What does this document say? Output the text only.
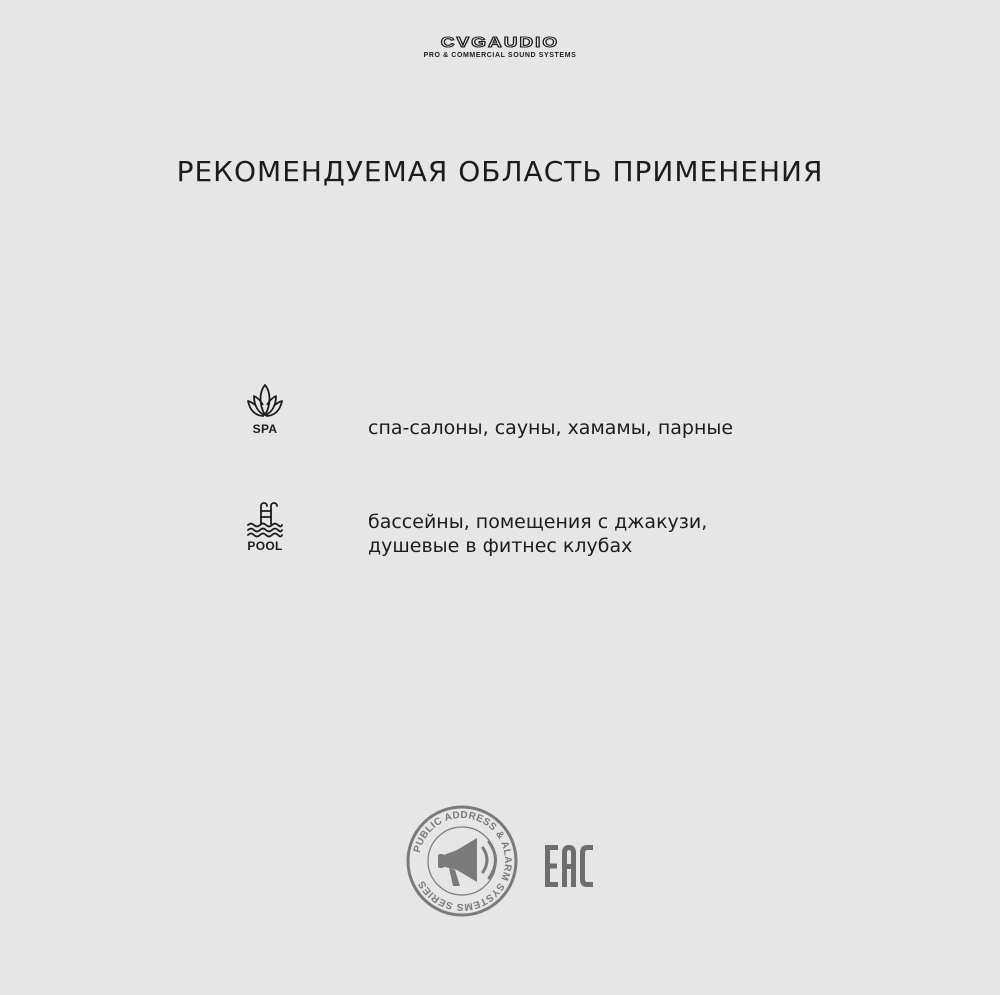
CVGAUDIO
PRO & COMMERCIAL SOUND SYSTEMS
РЕКОМЕНДУЕМАЯ ОБЛАСТЬ ПРИМЕНЕНИЯ
SPA	спа-салоны, сауны, хамамы, парные
POOL
бассейны, помещения с джакузи,
душевые в фитнес клубах
PUBLIC ADDRESS & ALARM SYSTEMS SERIES
